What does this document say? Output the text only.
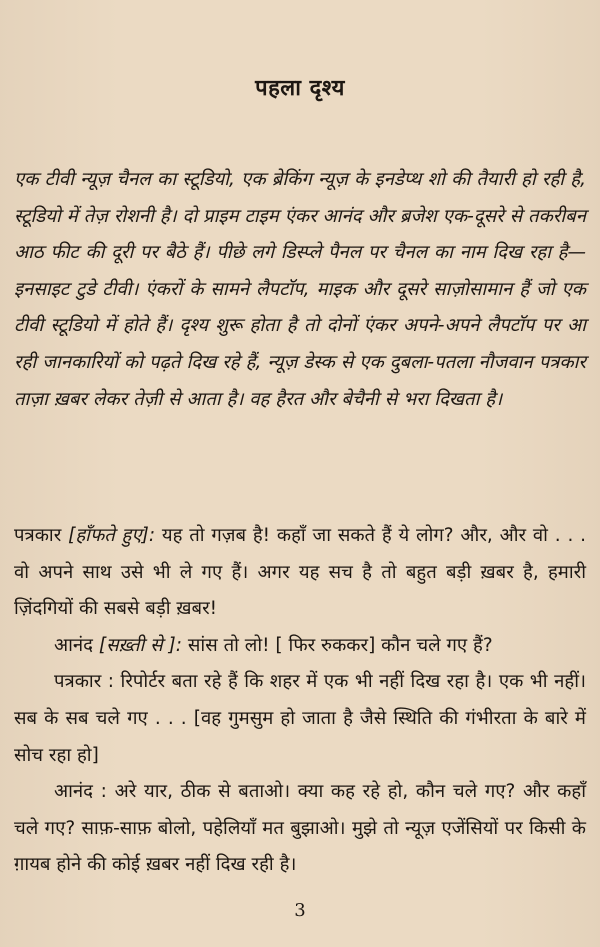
पहला दृश्य

एक टीवी न्यूज़ चैनल का स्टूडियो, एक ब्रेकिंग न्यूज़ के इनडेप्थ शो की तैयारी हो रही है, स्टूडियो में तेज़ रोशनी है। दो प्राइम टाइम एंकर आनंद और ब्रजेश एक-दूसरे से तकरीबन आठ फीट की दूरी पर बैठे हैं। पीछे लगे डिस्प्ले पैनल पर चैनल का नाम दिख रहा है—इनसाइट टुडे टीवी। एंकरों के सामने लैपटॉप, माइक और दूसरे साज़ोसामान हैं जो एक टीवी स्टूडियो में होते हैं। दृश्य शुरू होता है तो दोनों एंकर अपने-अपने लैपटॉप पर आ रही जानकारियों को पढ़ते दिख रहे हैं, न्यूज़ डेस्क से एक दुबला-पतला नौजवान पत्रकार ताज़ा ख़बर लेकर तेज़ी से आता है। वह हैरत और बेचैनी से भरा दिखता है।

पत्रकार [हाँफते हुए]: यह तो गज़ब है! कहाँ जा सकते हैं ये लोग? और, और वो . . . वो अपने साथ उसे भी ले गए हैं। अगर यह सच है तो बहुत बड़ी ख़बर है, हमारी ज़िंदगियों की सबसे बड़ी ख़बर!

आनंद [सख़्ती से ]: सांस तो लो! [ फिर रुककर] कौन चले गए हैं?

पत्रकार : रिपोर्टर बता रहे हैं कि शहर में एक भी नहीं दिख रहा है। एक भी नहीं। सब के सब चले गए . . . [वह गुमसुम हो जाता है जैसे स्थिति की गंभीरता के बारे में सोच रहा हो]

आनंद : अरे यार, ठीक से बताओ। क्या कह रहे हो, कौन चले गए? और कहाँ चले गए? साफ़-साफ़ बोलो, पहेलियाँ मत बुझाओ। मुझे तो न्यूज़ एजेंसियों पर किसी के ग़ायब होने की कोई ख़बर नहीं दिख रही है।

3
